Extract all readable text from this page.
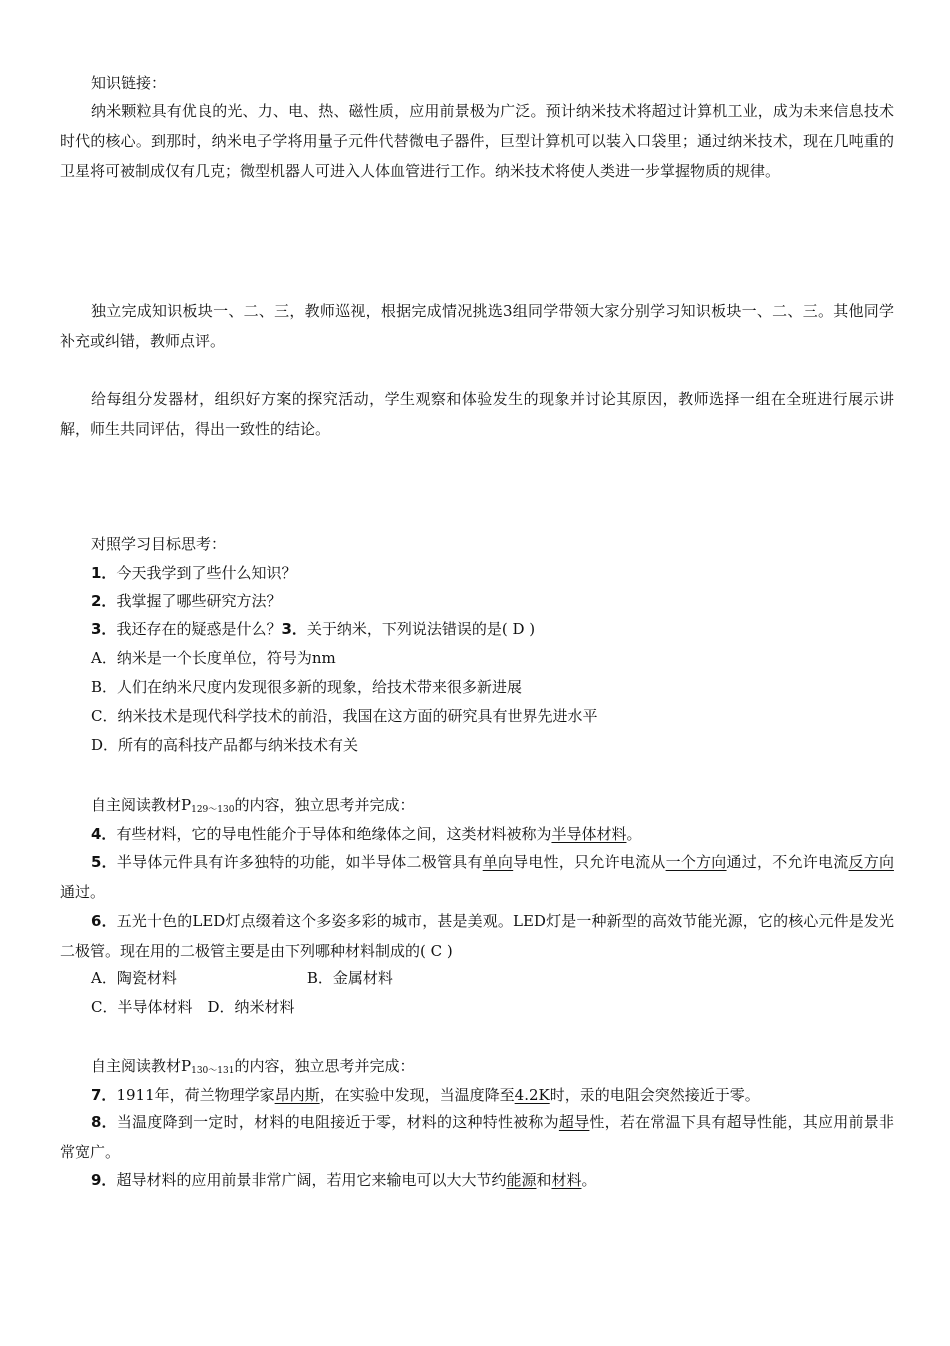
知识链接：

纳米颗粒具有优良的光、力、电、热、磁性质，应用前景极为广泛。预计纳米技术将超过计算机工业，成为未来信息技术时代的核心。到那时，纳米电子学将用量子元件代替微电子器件，巨型计算机可以装入口袋里；通过纳米技术，现在几吨重的卫星将可被制成仅有几克；微型机器人可进入人体血管进行工作。纳米技术将使人类进一步掌握物质的规律。

独立完成知识板块一、二、三，教师巡视，根据完成情况挑选3组同学带领大家分别学习知识板块一、二、三。其他同学补充或纠错，教师点评。

给每组分发器材，组织好方案的探究活动，学生观察和体验发生的现象并讨论其原因，教师选择一组在全班进行展示讲解，师生共同评估，得出一致性的结论。

对照学习目标思考：

1．今天我学到了些什么知识？

2．我掌握了哪些研究方法？

3．我还存在的疑惑是什么？3．关于纳米，下列说法错误的是( D )

A．纳米是一个长度单位，符号为nm

B．人们在纳米尺度内发现很多新的现象，给技术带来很多新进展

C．纳米技术是现代科学技术的前沿，我国在这方面的研究具有世界先进水平

D．所有的高科技产品都与纳米技术有关

自主阅读教材$P_{129\sim 130}$的内容，独立思考并完成：

4．有些材料，它的导电性能介于导体和绝缘体之间，这类材料被称为半导体材料。

5．半导体元件具有许多独特的功能，如半导体二极管具有单向导电性，只允许电流从一个方向通过，不允许电流反方向通过。

6．五光十色的LED灯点缀着这个多姿多彩的城市，甚是美观。LED灯是一种新型的高效节能光源，它的核心元件是发光二极管。现在用的二极管主要是由下列哪种材料制成的( C )

A．陶瓷材料	B．金属材料

C．半导体材料　D．纳米材料

自主阅读教材$P_{130\sim 131}$的内容，独立思考并完成：

7．1911年，荷兰物理学家昂内斯，在实验中发现，当温度降至4.2K时，汞的电阻会突然接近于零。

8．当温度降到一定时，材料的电阻接近于零，材料的这种特性被称为超导性，若在常温下具有超导性能，其应用前景非常宽广。

9．超导材料的应用前景非常广阔，若用它来输电可以大大节约能源和材料。
